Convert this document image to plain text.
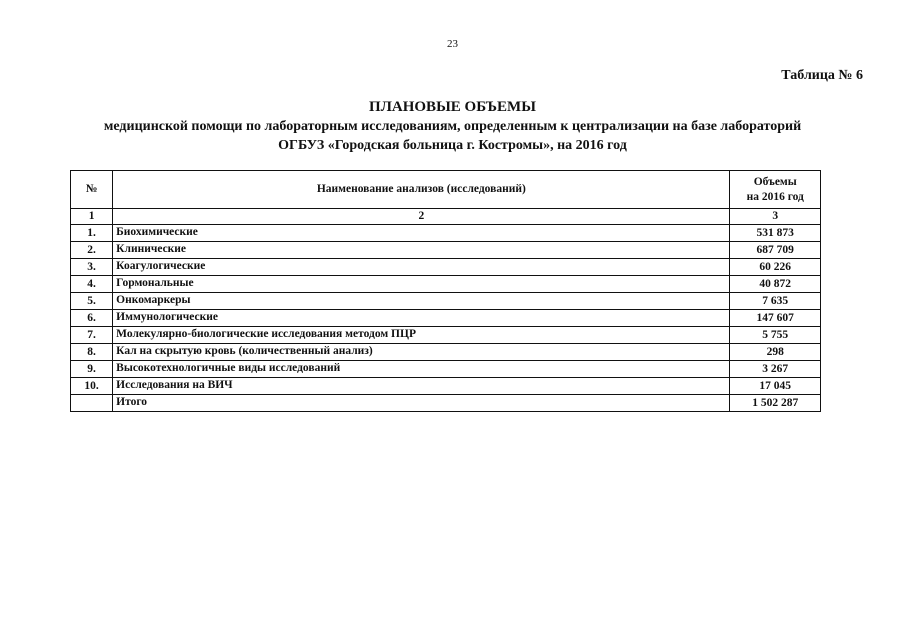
23
Таблица № 6
ПЛАНОВЫЕ ОБЪЕМЫ
медицинской помощи по лабораторным исследованиям, определенным к централизации на базе лабораторий
ОГБУЗ «Городская больница г. Костромы», на 2016 год
№	Наименование анализов (исследований)	Объемы
на 2016 год

1	2	3
1.	Биохимические	531 873
2.	Клинические	687 709
3.	Коагулогические	60 226
4.	Гормональные	40 872
5.	Онкомаркеры	7 635
6.	Иммунологические	147 607
7.	Молекулярно-биологические исследования методом ПЦР	5 755
8.	Кал на скрытую кровь (количественный анализ)	298
9.	Высокотехнологичные виды исследований	3 267
10.	Исследования на ВИЧ	17 045
	Итого	1 502 287
